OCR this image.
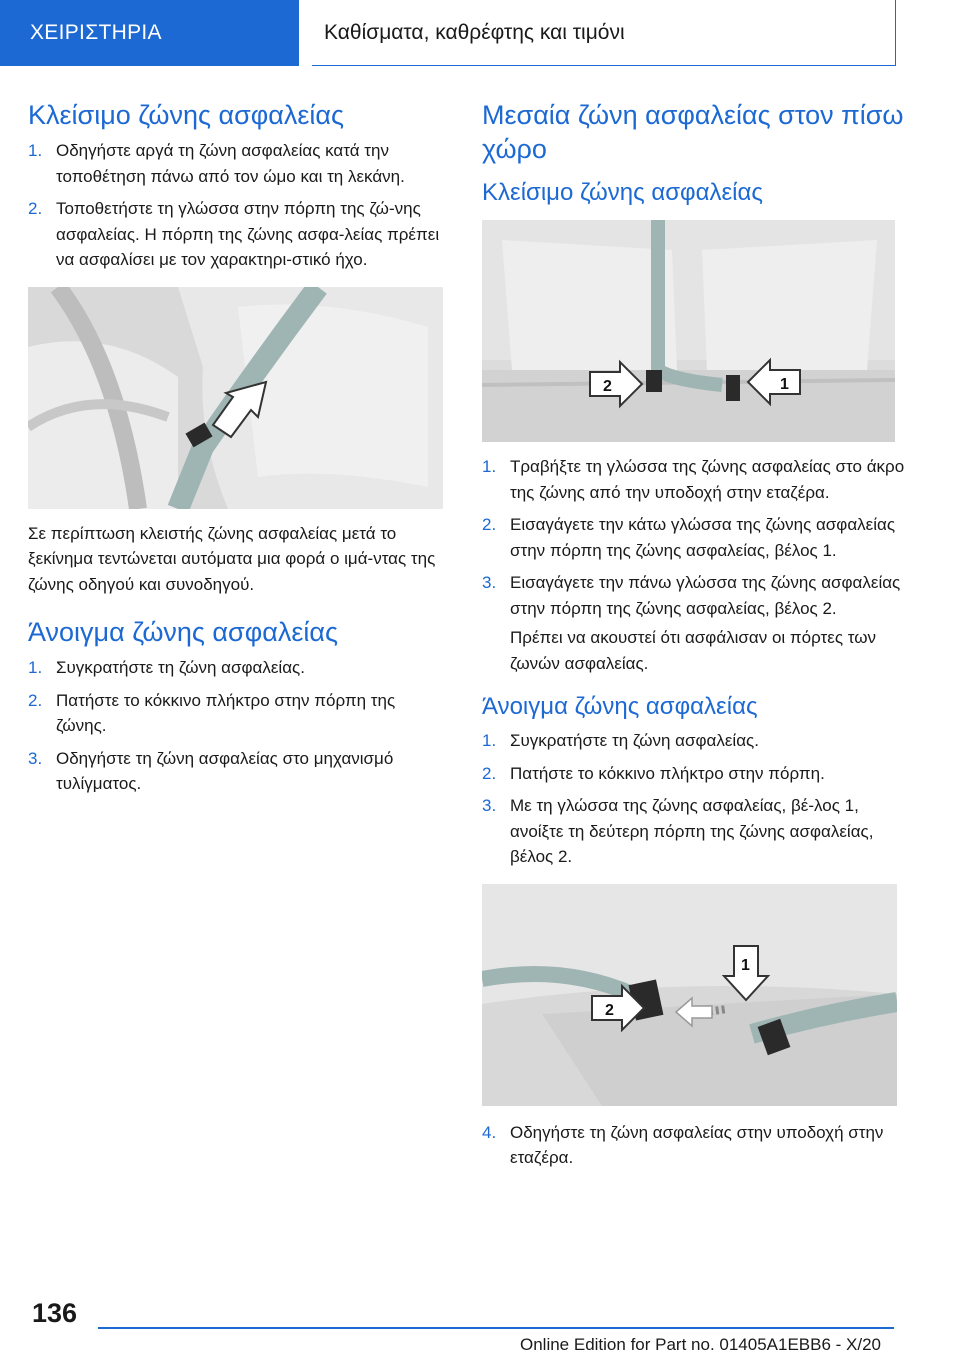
ΧΕΙΡΙΣΤΗΡΙΑ	Καθίσματα, καθρέφτης και τιμόνι
Κλείσιμο ζώνης ασφαλείας
1. Οδηγήστε αργά τη ζώνη ασφαλείας κατά την τοποθέτηση πάνω από τον ώμο και τη λεκάνη.
2. Τοποθετήστε τη γλώσσα στην πόρπη της ζώ-νης ασφαλείας. Η πόρπη της ζώνης ασφα-λείας πρέπει να ασφαλίσει με τον χαρακτηρι-στικό ήχο.

Σε περίπτωση κλειστής ζώνης ασφαλείας μετά το ξεκίνημα τεντώνεται αυτόματα μια φορά ο ιμά-ντας της ζώνης οδηγού και συνοδηγού.

Άνοιγμα ζώνης ασφαλείας
1. Συγκρατήστε τη ζώνη ασφαλείας.
2. Πατήστε το κόκκινο πλήκτρο στην πόρπη της ζώνης.
3. Οδηγήστε τη ζώνη ασφαλείας στο μηχανισμό τυλίγματος.
Μεσαία ζώνη ασφαλείας στον πίσω χώρο
Κλείσιμο ζώνης ασφαλείας
2	1
1. Τραβήξτε τη γλώσσα της ζώνης ασφαλείας στο άκρο της ζώνης από την υποδοχή στην εταζέρα.
2. Εισαγάγετε την κάτω γλώσσα της ζώνης ασφαλείας στην πόρπη της ζώνης ασφαλείας, βέλος 1.
3. Εισαγάγετε την πάνω γλώσσα της ζώνης ασφαλείας στην πόρπη της ζώνης ασφαλείας, βέλος 2.

Πρέπει να ακουστεί ότι ασφάλισαν οι πόρτες των ζωνών ασφαλείας.

Άνοιγμα ζώνης ασφαλείας
1. Συγκρατήστε τη ζώνη ασφαλείας.
2. Πατήστε το κόκκινο πλήκτρο στην πόρπη.
3. Με τη γλώσσα της ζώνης ασφαλείας, βέ-λος 1, ανοίξτε τη δεύτερη πόρπη της ζώνης ασφαλείας, βέλος 2.
2
1
4. Οδηγήστε τη ζώνη ασφαλείας στην υποδοχή στην εταζέρα.
136
Online Edition for Part no. 01405A1EBB6 - X/20
